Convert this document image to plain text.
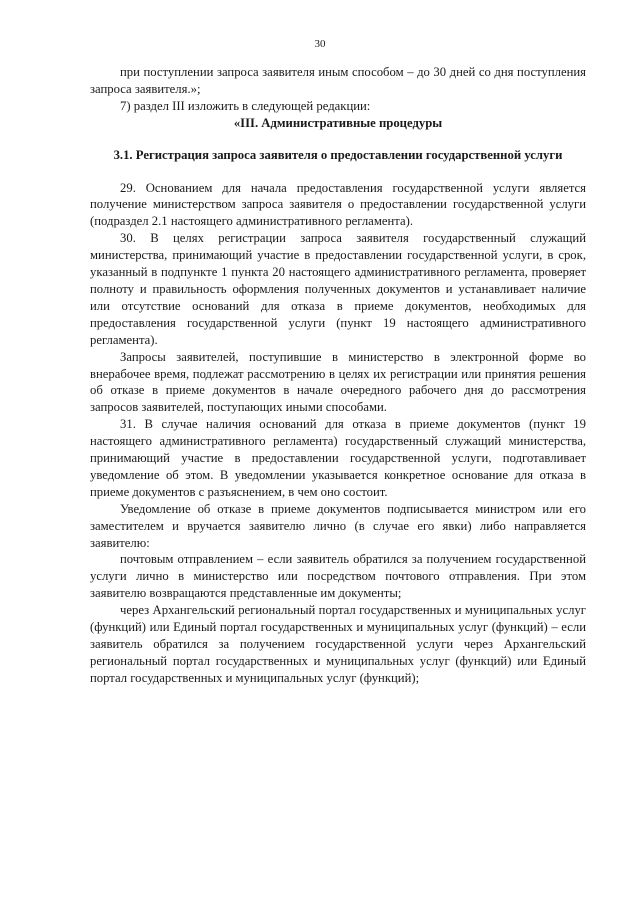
30

при поступлении запроса заявителя иным способом – до 30 дней со дня поступления запроса заявителя.»;

7) раздел III изложить в следующей редакции:

«III. Административные процедуры

3.1. Регистрация запроса заявителя о предоставлении государственной услуги

29. Основанием для начала предоставления государственной услуги является получение министерством запроса заявителя о предоставлении государственной услуги (подраздел 2.1 настоящего административного регламента).

30. В целях регистрации запроса заявителя государственный служащий министерства, принимающий участие в предоставлении государственной услуги, в срок, указанный в подпункте 1 пункта 20 настоящего административного регламента, проверяет полноту и правильность оформления полученных документов и устанавливает наличие или отсутствие оснований для отказа в приеме документов, необходимых для предоставления государственной услуги (пункт 19 настоящего административного регламента).

Запросы заявителей, поступившие в министерство в электронной форме во внерабочее время, подлежат рассмотрению в целях их регистрации или принятия решения об отказе в приеме документов в начале очередного рабочего дня до рассмотрения запросов заявителей, поступающих иными способами.

31. В случае наличия оснований для отказа в приеме документов (пункт 19 настоящего административного регламента) государственный служащий министерства, принимающий участие в предоставлении государственной услуги, подготавливает уведомление об этом. В уведомлении указывается конкретное основание для отказа в приеме документов с разъяснением, в чем оно состоит.

Уведомление об отказе в приеме документов подписывается министром или его заместителем и вручается заявителю лично (в случае его явки) либо направляется заявителю:

почтовым отправлением – если заявитель обратился за получением государственной услуги лично в министерство или посредством почтового отправления. При этом заявителю возвращаются представленные им документы;

через Архангельский региональный портал государственных и муниципальных услуг (функций) или Единый портал государственных и муниципальных услуг (функций) – если заявитель обратился за получением государственной услуги через Архангельский региональный портал государственных и муниципальных услуг (функций) или Единый портал государственных и муниципальных услуг (функций);
